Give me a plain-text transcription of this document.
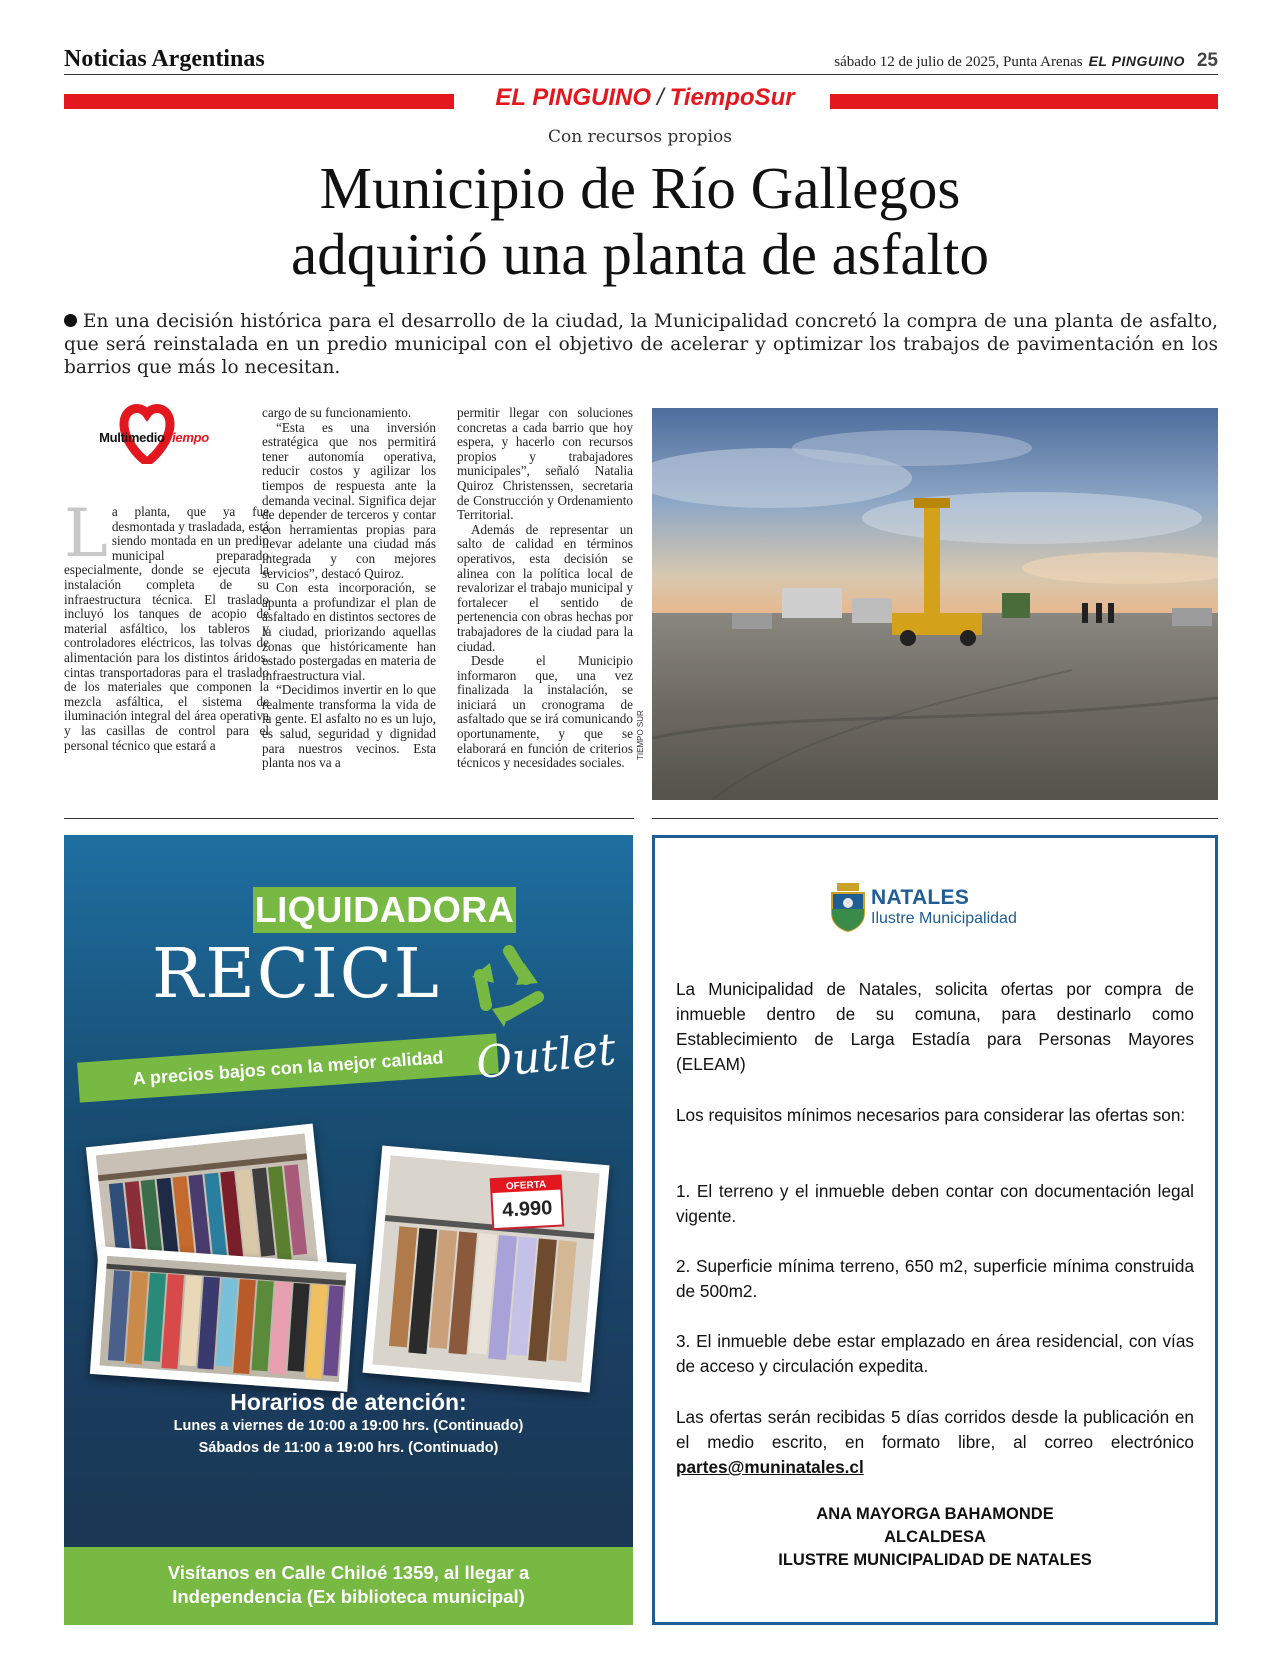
Noticias Argentinas	sábado 12 de julio de 2025, Punta Arenas EL PINGUINO 25
EL PINGUINO / TiempoSur
Con recursos propios
Municipio de Río Gallegos
adquirió una planta de asfalto
En una decisión histórica para el desarrollo de la ciudad, la Municipalidad concretó la compra de una planta de asfalto, que será reinstalada en un predio municipal con el objetivo de acelerar y optimizar los trabajos de pavimentación en los barrios que más lo necesitan.
MultimedioTiempo

La planta, que ya fue desmontada y trasladada, está siendo montada en un predio municipal preparado especialmente, donde se ejecuta la instalación completa de su infraestructura técnica. El traslado incluyó los tanques de acopio de material asfáltico, los tableros y controladores eléctricos, las tolvas de alimentación para los distintos áridos, cintas transportadoras para el traslado de los materiales que componen la mezcla asfáltica, el sistema de iluminación integral del área operativa y las casillas de control para el personal técnico que estará a

cargo de su funcionamiento.

“Esta es una inversión estratégica que nos permitirá tener autonomía operativa, reducir costos y agilizar los tiempos de respuesta ante la demanda vecinal. Significa dejar de depender de terceros y contar con herramientas propias para llevar adelante una ciudad más integrada y con mejores servicios”, destacó Quiroz.

Con esta incorporación, se apunta a profundizar el plan de asfaltado en distintos sectores de la ciudad, priorizando aquellas zonas que históricamente han estado postergadas en materia de infraestructura vial.

“Decidimos invertir en lo que realmente transforma la vida de la gente. El asfalto no es un lujo, es salud, seguridad y dignidad para nuestros vecinos. Esta planta nos va a

permitir llegar con soluciones concretas a cada barrio que hoy espera, y hacerlo con recursos propios y trabajadores municipales”, señaló Natalia Quiroz Christenssen, secretaria de Construcción y Ordenamiento Territorial.

Además de representar un salto de calidad en términos operativos, esta decisión se alinea con la política local de revalorizar el trabajo municipal y fortalecer el sentido de pertenencia con obras hechas por trabajadores de la ciudad para la ciudad.

Desde el Municipio informaron que, una vez finalizada la instalación, se iniciará un cronograma de asfaltado que se irá comunicando oportunamente, y que se elaborará en función de criterios técnicos y necesidades sociales.

TIEMPO SUR
LIQUIDADORA
RECICL
A precios bajos con la mejor calidad Outlet
OFERTA
4.990
Horarios de atención:
Lunes a viernes de 10:00 a 19:00 hrs. (Continuado)
Sábados de 11:00 a 19:00 hrs. (Continuado)
Visítanos en Calle Chiloé 1359, al llegar a
Independencia (Ex biblioteca municipal)
NATALES
Ilustre Municipalidad
La Municipalidad de Natales, solicita ofertas por compra de inmueble dentro de su comuna, para destinarlo como Establecimiento de Larga Estadía para Personas Mayores (ELEAM)
Los requisitos mínimos necesarios para considerar las ofertas son:
1. El terreno y el inmueble deben contar con documentación legal vigente.
2. Superficie mínima terreno, 650 m2, superficie mínima construida de 500m2.
3. El inmueble debe estar emplazado en área residencial, con vías de acceso y circulación expedita.
Las ofertas serán recibidas 5 días corridos desde la publicación en el medio escrito, en formato libre, al correo electrónico partes@muninatales.cl
ANA MAYORGA BAHAMONDE
ALCALDESA
ILUSTRE MUNICIPALIDAD DE NATALES
